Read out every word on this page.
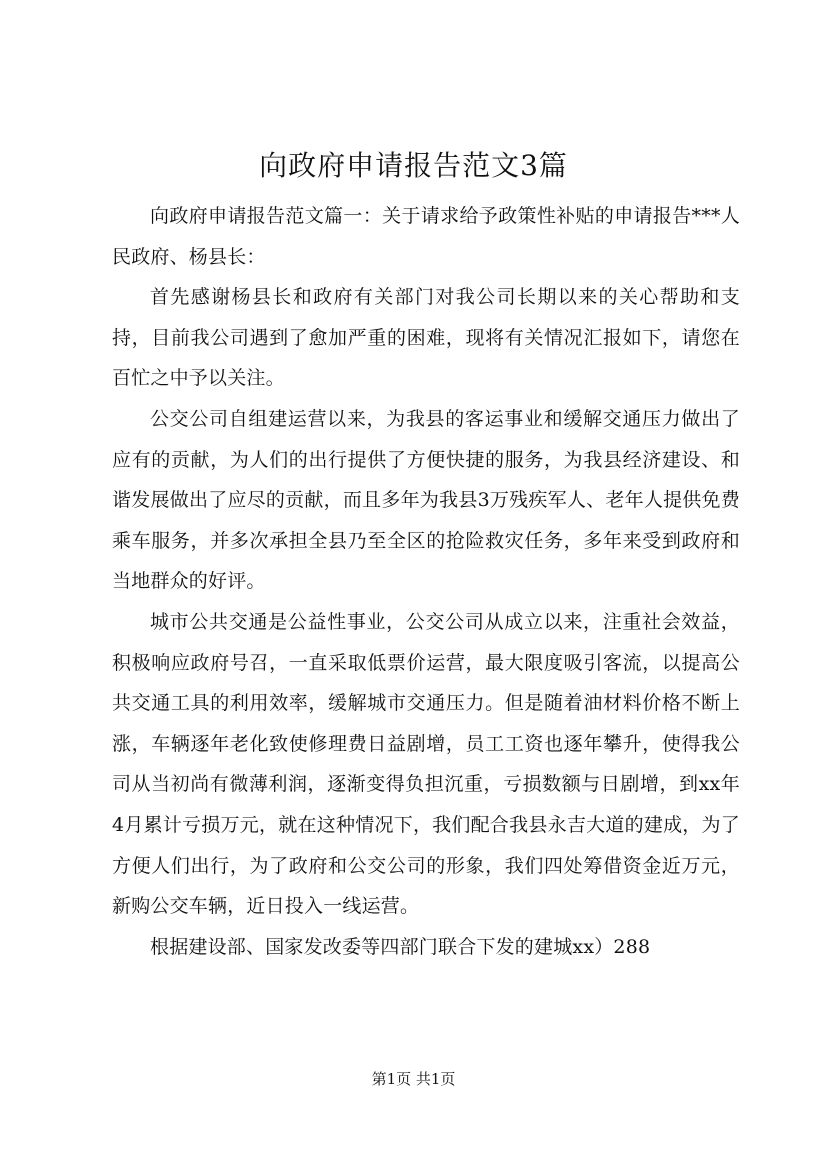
向政府申请报告范文3篇

向政府申请报告范文篇一：关于请求给予政策性补贴的申请报告***人民政府、杨县长：

首先感谢杨县长和政府有关部门对我公司长期以来的关心帮助和支持，目前我公司遇到了愈加严重的困难，现将有关情况汇报如下，请您在百忙之中予以关注。

公交公司自组建运营以来，为我县的客运事业和缓解交通压力做出了应有的贡献，为人们的出行提供了方便快捷的服务，为我县经济建设、和谐发展做出了应尽的贡献，而且多年为我县3万残疾军人、老年人提供免费乘车服务，并多次承担全县乃至全区的抢险救灾任务，多年来受到政府和当地群众的好评。

城市公共交通是公益性事业，公交公司从成立以来，注重社会效益，积极响应政府号召，一直采取低票价运营，最大限度吸引客流，以提高公共交通工具的利用效率，缓解城市交通压力。但是随着油材料价格不断上涨，车辆逐年老化致使修理费日益剧增，员工工资也逐年攀升，使得我公司从当初尚有微薄利润，逐渐变得负担沉重，亏损数额与日剧增，到xx年4月累计亏损万元，就在这种情况下，我们配合我县永吉大道的建成，为了方便人们出行，为了政府和公交公司的形象，我们四处筹借资金近万元，新购公交车辆，近日投入一线运营。

根据建设部、国家发改委等四部门联合下发的建城xx）288

第1页 共1页
